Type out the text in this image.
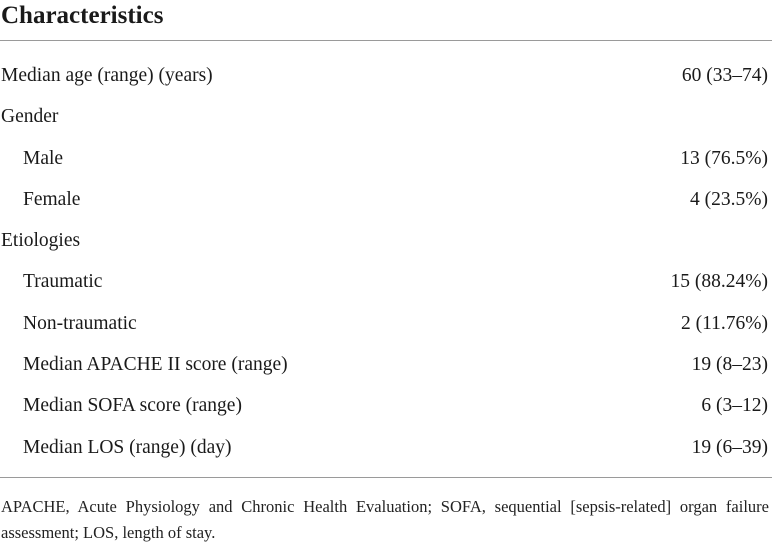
Characteristics
Median age (range) (years)	60 (33–74)
Gender
Male	13 (76.5%)
Female	4 (23.5%)
Etiologies
Traumatic	15 (88.24%)
Non-traumatic	2 (11.76%)
Median APACHE II score (range)	19 (8–23)
Median SOFA score (range)	6 (3–12)
Median LOS (range) (day)	19 (6–39)
APACHE, Acute Physiology and Chronic Health Evaluation; SOFA, sequential [sepsis-related] organ failure assessment; LOS, length of stay.
